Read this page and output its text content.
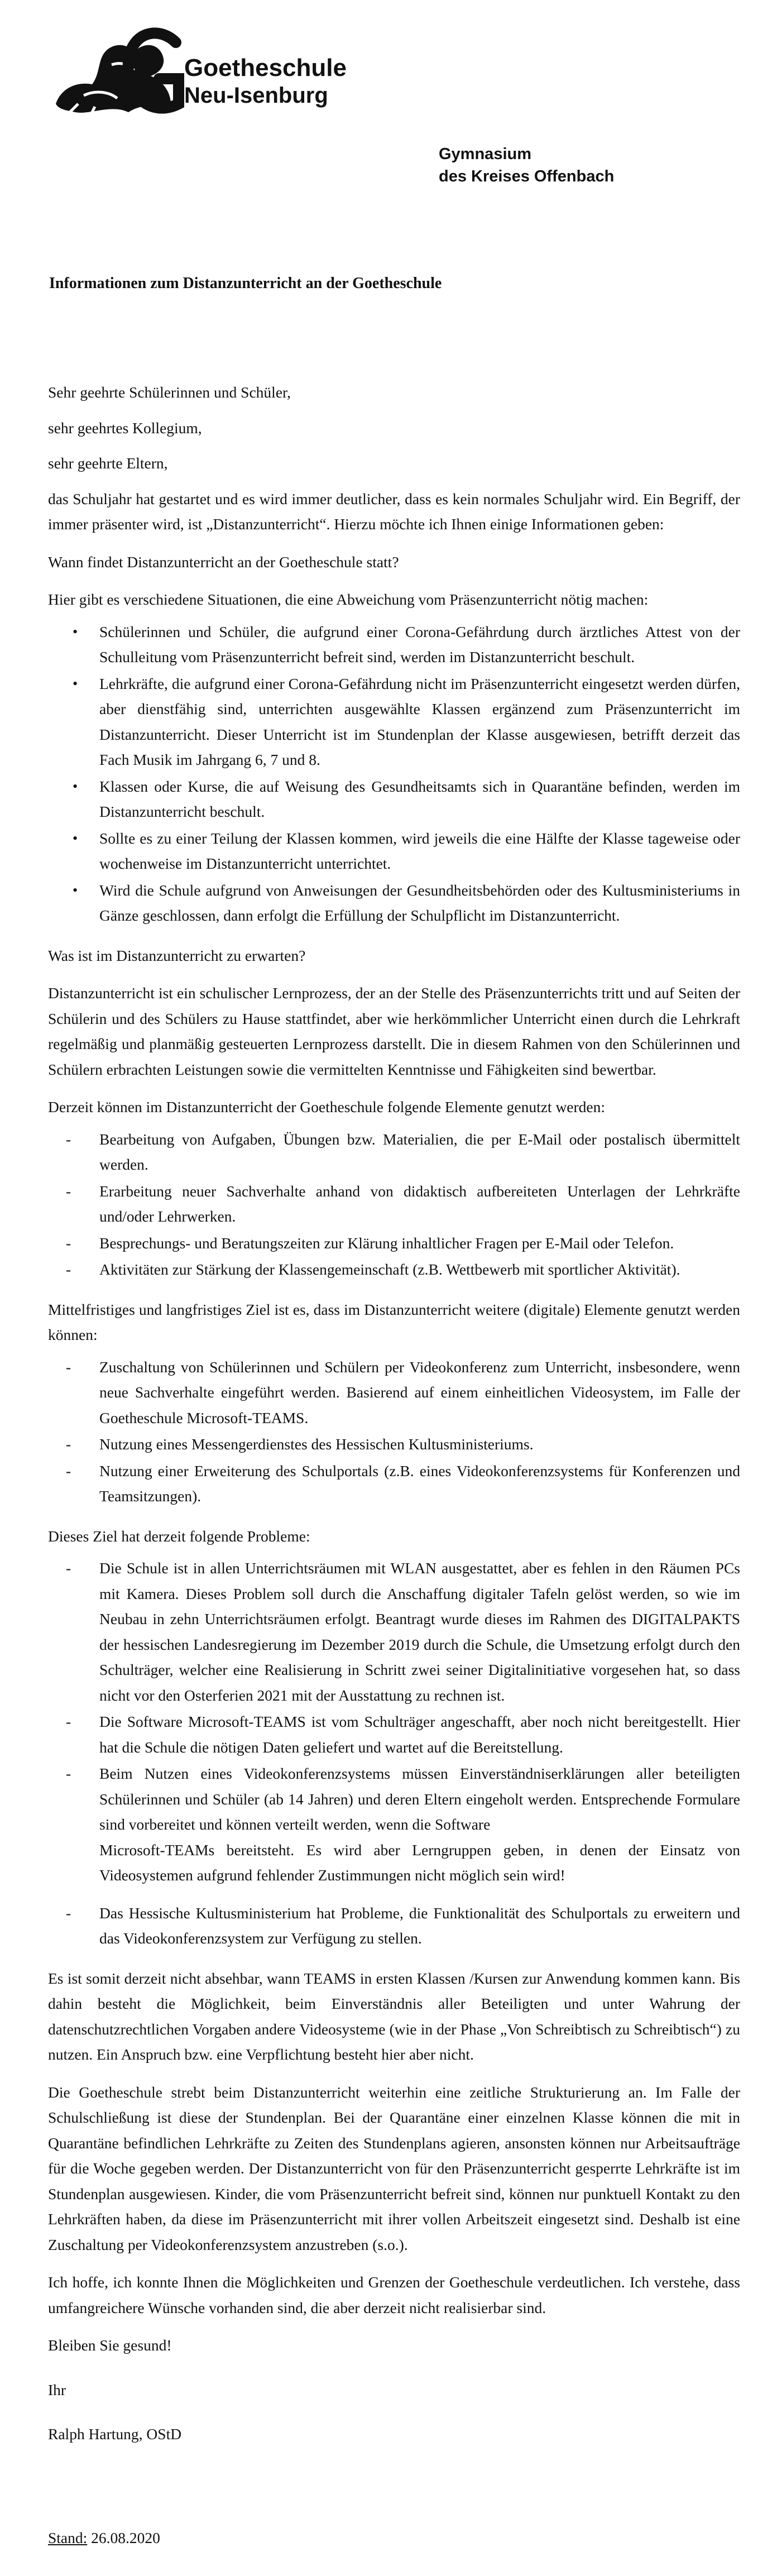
Goetheschule
Neu-Isenburg
Gymnasium
des Kreises Offenbach
Informationen zum Distanzunterricht an der Goetheschule

Sehr geehrte Schülerinnen und Schüler,

sehr geehrtes Kollegium,

sehr geehrte Eltern,

das Schuljahr hat gestartet und es wird immer deutlicher, dass es kein normales Schuljahr wird. Ein Begriff, der immer präsenter wird, ist „Distanzunterricht“. Hierzu möchte ich Ihnen einige Informationen geben:

Wann findet Distanzunterricht an der Goetheschule statt?

Hier gibt es verschiedene Situationen, die eine Abweichung vom Präsenzunterricht nötig machen:

• Schülerinnen und Schüler, die aufgrund einer Corona-Gefährdung durch ärztliches Attest von der Schulleitung vom Präsenzunterricht befreit sind, werden im Distanzunterricht beschult.
• Lehrkräfte, die aufgrund einer Corona-Gefährdung nicht im Präsenzunterricht eingesetzt werden dürfen, aber dienstfähig sind, unterrichten ausgewählte Klassen ergänzend zum Präsenzunterricht im Distanzunterricht. Dieser Unterricht ist im Stundenplan der Klasse ausgewiesen, betrifft derzeit das Fach Musik im Jahrgang 6, 7 und 8.
• Klassen oder Kurse, die auf Weisung des Gesundheitsamts sich in Quarantäne befinden, werden im Distanzunterricht beschult.
• Sollte es zu einer Teilung der Klassen kommen, wird jeweils die eine Hälfte der Klasse tageweise oder wochenweise im Distanzunterricht unterrichtet.
• Wird die Schule aufgrund von Anweisungen der Gesundheitsbehörden oder des Kultusministeriums in Gänze geschlossen, dann erfolgt die Erfüllung der Schulpflicht im Distanzunterricht.

Was ist im Distanzunterricht zu erwarten?

Distanzunterricht ist ein schulischer Lernprozess, der an der Stelle des Präsenzunterrichts tritt und auf Seiten der Schülerin und des Schülers zu Hause stattfindet, aber wie herkömmlicher Unterricht einen durch die Lehrkraft regelmäßig und planmäßig gesteuerten Lernprozess darstellt. Die in diesem Rahmen von den Schülerinnen und Schülern erbrachten Leistungen sowie die vermittelten Kenntnisse und Fähigkeiten sind bewertbar.

Derzeit können im Distanzunterricht der Goetheschule folgende Elemente genutzt werden:

- Bearbeitung von Aufgaben, Übungen bzw. Materialien, die per E-Mail oder postalisch übermittelt werden.
- Erarbeitung neuer Sachverhalte anhand von didaktisch aufbereiteten Unterlagen der Lehrkräfte und/oder Lehrwerken.
- Besprechungs- und Beratungszeiten zur Klärung inhaltlicher Fragen per E-Mail oder Telefon.
- Aktivitäten zur Stärkung der Klassengemeinschaft (z.B. Wettbewerb mit sportlicher Aktivität).

Mittelfristiges und langfristiges Ziel ist es, dass im Distanzunterricht weitere (digitale) Elemente genutzt werden können:

- Zuschaltung von Schülerinnen und Schülern per Videokonferenz zum Unterricht, insbesondere, wenn neue Sachverhalte eingeführt werden. Basierend auf einem einheitlichen Videosystem, im Falle der Goetheschule Microsoft-TEAMS.
- Nutzung eines Messengerdienstes des Hessischen Kultusministeriums.
- Nutzung einer Erweiterung des Schulportals (z.B. eines Videokonferenzsystems für Konferenzen und Teamsitzungen).

Dieses Ziel hat derzeit folgende Probleme:

- Die Schule ist in allen Unterrichtsräumen mit WLAN ausgestattet, aber es fehlen in den Räumen PCs mit Kamera. Dieses Problem soll durch die Anschaffung digitaler Tafeln gelöst werden, so wie im Neubau in zehn Unterrichtsräumen erfolgt. Beantragt wurde dieses im Rahmen des DIGITALPAKTS der hessischen Landesregierung im Dezember 2019 durch die Schule, die Umsetzung erfolgt durch den Schulträger, welcher eine Realisierung in Schritt zwei seiner Digitalinitiative vorgesehen hat, so dass nicht vor den Osterferien 2021 mit der Ausstattung zu rechnen ist.
- Die Software Microsoft-TEAMS ist vom Schulträger angeschafft, aber noch nicht bereitgestellt. Hier hat die Schule die nötigen Daten geliefert und wartet auf die Bereitstellung.
- Beim Nutzen eines Videokonferenzsystems müssen Einverständniserklärungen aller beteiligten Schülerinnen und Schüler (ab 14 Jahren) und deren Eltern eingeholt werden. Entsprechende Formulare sind vorbereitet und können verteilt werden, wenn die Software

Microsoft-TEAMs bereitsteht. Es wird aber Lerngruppen geben, in denen der Einsatz von Videosystemen aufgrund fehlender Zustimmungen nicht möglich sein wird!

- Das Hessische Kultusministerium hat Probleme, die Funktionalität des Schulportals zu erweitern und das Videokonferenzsystem zur Verfügung zu stellen.

Es ist somit derzeit nicht absehbar, wann TEAMS in ersten Klassen /Kursen zur Anwendung kommen kann. Bis dahin besteht die Möglichkeit, beim Einverständnis aller Beteiligten und unter Wahrung der datenschutzrechtlichen Vorgaben andere Videosysteme (wie in der Phase „Von Schreibtisch zu Schreibtisch“) zu nutzen. Ein Anspruch bzw. eine Verpflichtung besteht hier aber nicht.

Die Goetheschule strebt beim Distanzunterricht weiterhin eine zeitliche Strukturierung an. Im Falle der Schulschließung ist diese der Stundenplan. Bei der Quarantäne einer einzelnen Klasse können die mit in Quarantäne befindlichen Lehrkräfte zu Zeiten des Stundenplans agieren, ansonsten können nur Arbeitsaufträge für die Woche gegeben werden. Der Distanzunterricht von für den Präsenzunterricht gesperrte Lehrkräfte ist im Stundenplan ausgewiesen. Kinder, die vom Präsenzunterricht befreit sind, können nur punktuell Kontakt zu den Lehrkräften haben, da diese im Präsenzunterricht mit ihrer vollen Arbeitszeit eingesetzt sind. Deshalb ist eine Zuschaltung per Videokonferenzsystem anzustreben (s.o.).

Ich hoffe, ich konnte Ihnen die Möglichkeiten und Grenzen der Goetheschule verdeutlichen. Ich verstehe, dass umfangreichere Wünsche vorhanden sind, die aber derzeit nicht realisierbar sind.

Bleiben Sie gesund!
Ihr
Ralph Hartung, OStD
Stand: 26.08.2020
